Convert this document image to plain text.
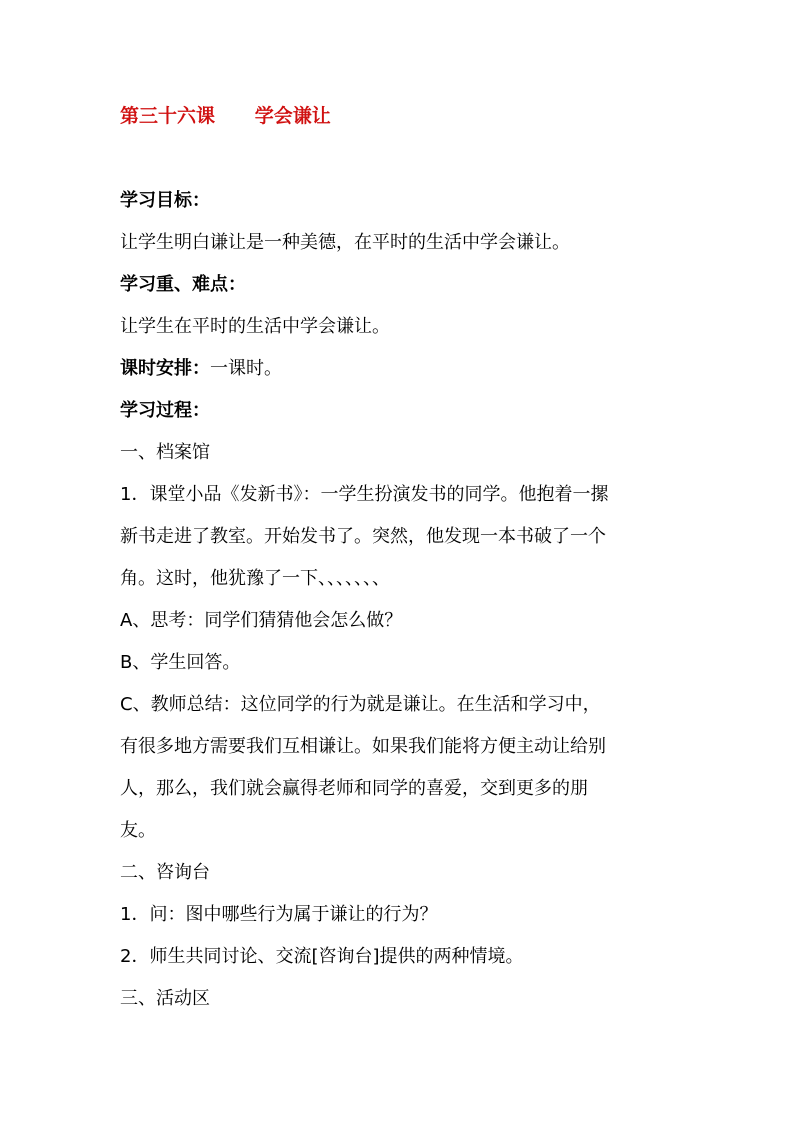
第三十六课      学会谦让
学习目标：
让学生明白谦让是一种美德，在平时的生活中学会谦让。
学习重、难点：
让学生在平时的生活中学会谦让。
课时安排：一课时。
学习过程：
一、档案馆
1．课堂小品《发新书》：一学生扮演发书的同学。他抱着一摞
新书走进了教室。开始发书了。突然，他发现一本书破了一个
角。这时，他犹豫了一下、、、、、、、
A、思考：同学们猜猜他会怎么做？
B、学生回答。
C、教师总结：这位同学的行为就是谦让。在生活和学习中，
有很多地方需要我们互相谦让。如果我们能将方便主动让给别
人，那么，我们就会赢得老师和同学的喜爱，交到更多的朋
友。
二、咨询台
1．问：图中哪些行为属于谦让的行为？
2．师生共同讨论、交流[咨询台]提供的两种情境。
三、活动区
